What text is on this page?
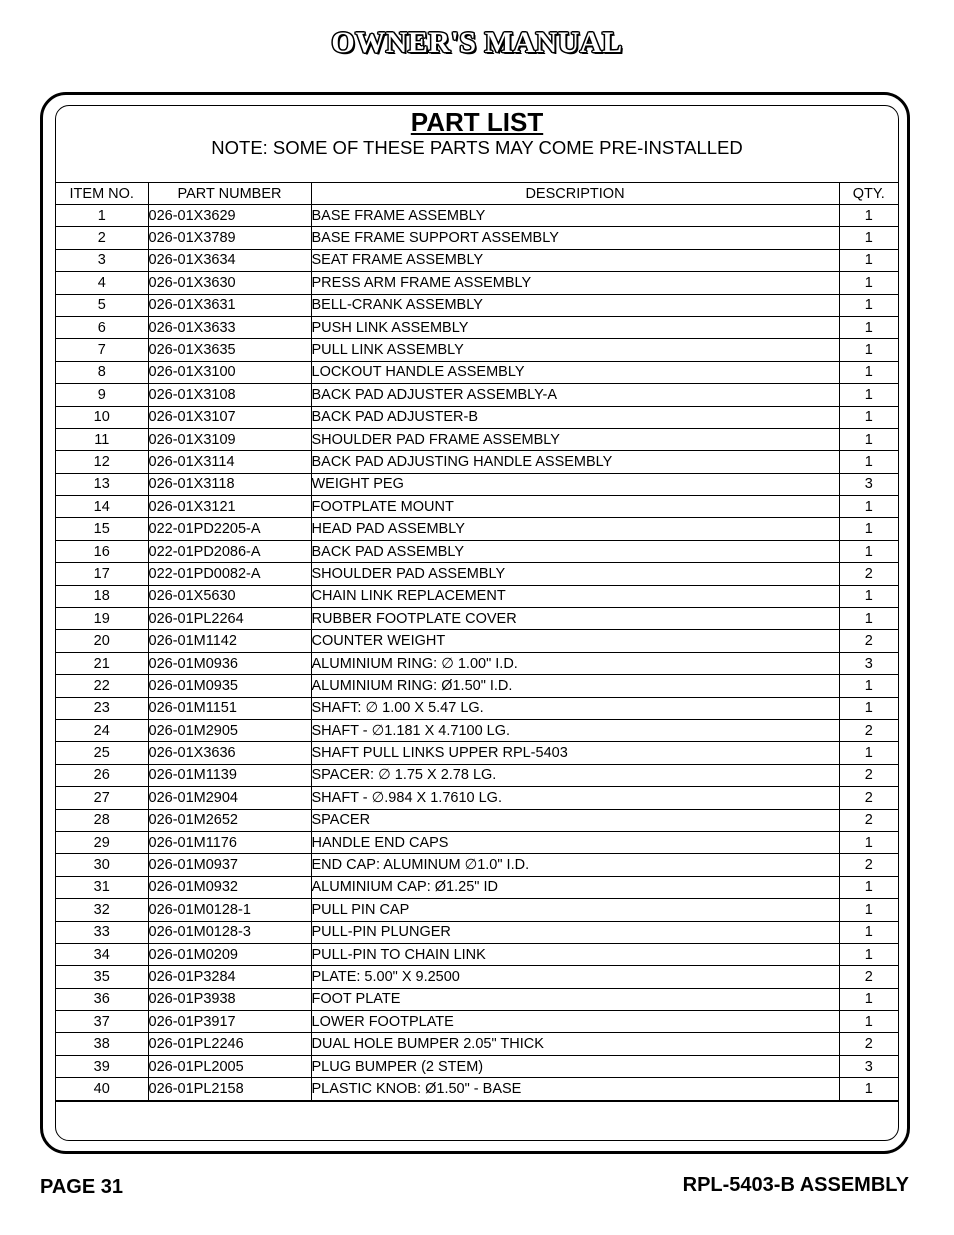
OWNER'S MANUAL
PART LIST
NOTE: SOME OF THESE PARTS MAY COME PRE-INSTALLED
ITEM NO.	PART NUMBER	DESCRIPTION	QTY.
1	026-01X3629	BASE FRAME ASSEMBLY	1
2	026-01X3789	BASE FRAME SUPPORT ASSEMBLY	1
3	026-01X3634	SEAT FRAME ASSEMBLY	1
4	026-01X3630	PRESS ARM FRAME ASSEMBLY	1
5	026-01X3631	BELL-CRANK ASSEMBLY	1
6	026-01X3633	PUSH LINK ASSEMBLY	1
7	026-01X3635	PULL LINK ASSEMBLY	1
8	026-01X3100	LOCKOUT HANDLE ASSEMBLY	1
9	026-01X3108	BACK PAD ADJUSTER ASSEMBLY-A	1
10	026-01X3107	BACK PAD ADJUSTER-B	1
11	026-01X3109	SHOULDER PAD FRAME ASSEMBLY	1
12	026-01X3114	BACK PAD ADJUSTING HANDLE ASSEMBLY	1
13	026-01X3118	WEIGHT PEG	3
14	026-01X3121	FOOTPLATE MOUNT	1
15	022-01PD2205-A	HEAD PAD ASSEMBLY	1
16	022-01PD2086-A	BACK PAD ASSEMBLY	1
17	022-01PD0082-A	SHOULDER PAD ASSEMBLY	2
18	026-01X5630	CHAIN LINK REPLACEMENT	1
19	026-01PL2264	RUBBER FOOTPLATE COVER	1
20	026-01M1142	COUNTER WEIGHT	2
21	026-01M0936	ALUMINIUM RING: ∅ 1.00" I.D.	3
22	026-01M0935	ALUMINIUM RING: Ø1.50" I.D.	1
23	026-01M1151	SHAFT: ∅ 1.00 X 5.47 LG.	1
24	026-01M2905	SHAFT - ∅1.181 X 4.7100 LG.	2
25	026-01X3636	SHAFT PULL LINKS UPPER RPL-5403	1
26	026-01M1139	SPACER: ∅ 1.75 X 2.78 LG.	2
27	026-01M2904	SHAFT - ∅.984 X 1.7610 LG.	2
28	026-01M2652	SPACER	2
29	026-01M1176	HANDLE END CAPS	1
30	026-01M0937	END CAP: ALUMINUM ∅1.0" I.D.	2
31	026-01M0932	ALUMINIUM CAP: Ø1.25" ID	1
32	026-01M0128-1	PULL PIN CAP	1
33	026-01M0128-3	PULL-PIN PLUNGER	1
34	026-01M0209	PULL-PIN TO CHAIN LINK	1
35	026-01P3284	PLATE: 5.00" X 9.2500	2
36	026-01P3938	FOOT PLATE	1
37	026-01P3917	LOWER FOOTPLATE	1
38	026-01PL2246	DUAL HOLE BUMPER 2.05" THICK	2
39	026-01PL2005	PLUG BUMPER (2 STEM)	3
40	026-01PL2158	PLASTIC KNOB: Ø1.50" - BASE	1
PAGE 31	RPL-5403-B ASSEMBLY
